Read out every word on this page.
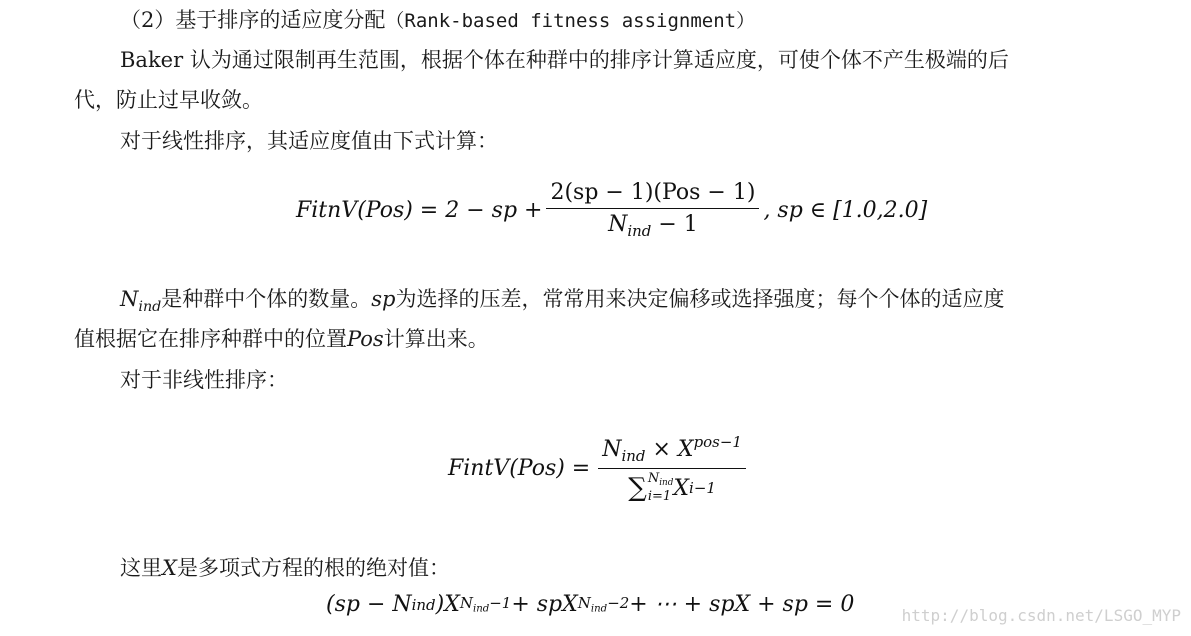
（2）基于排序的适应度分配（Rank-based fitness assignment）
Baker 认为通过限制再生范围，根据个体在种群中的排序计算适应度，可使个体不产生极端的后
代，防止过早收敛。
对于线性排序，其适应度值由下式计算：
FitnV(Pos) = 2 − sp + $\frac{\text{2(sp − 1)(Pos − 1)}}{N_{ind} - 1}$ , sp ∈ [1.0,2.0]
$N_{ind}$是种群中个体的数量。sp为选择的压差，常常用来决定偏移或选择强度；每个个体的适应度
值根据它在排序种群中的位置Pos计算出来。
对于非线性排序：
FintV(Pos) =
$N_{ind} \times X^{pos-1}$
∑ $N_{ind}$
i=1 X i−1
这里X是多项式方程的根的绝对值：
(sp − N ind )X $N_{ind}-1$ + spX $N_{ind}-2$ + ⋯ + spX + sp = 0	http://blog.csdn.net/LSGO_MYP
